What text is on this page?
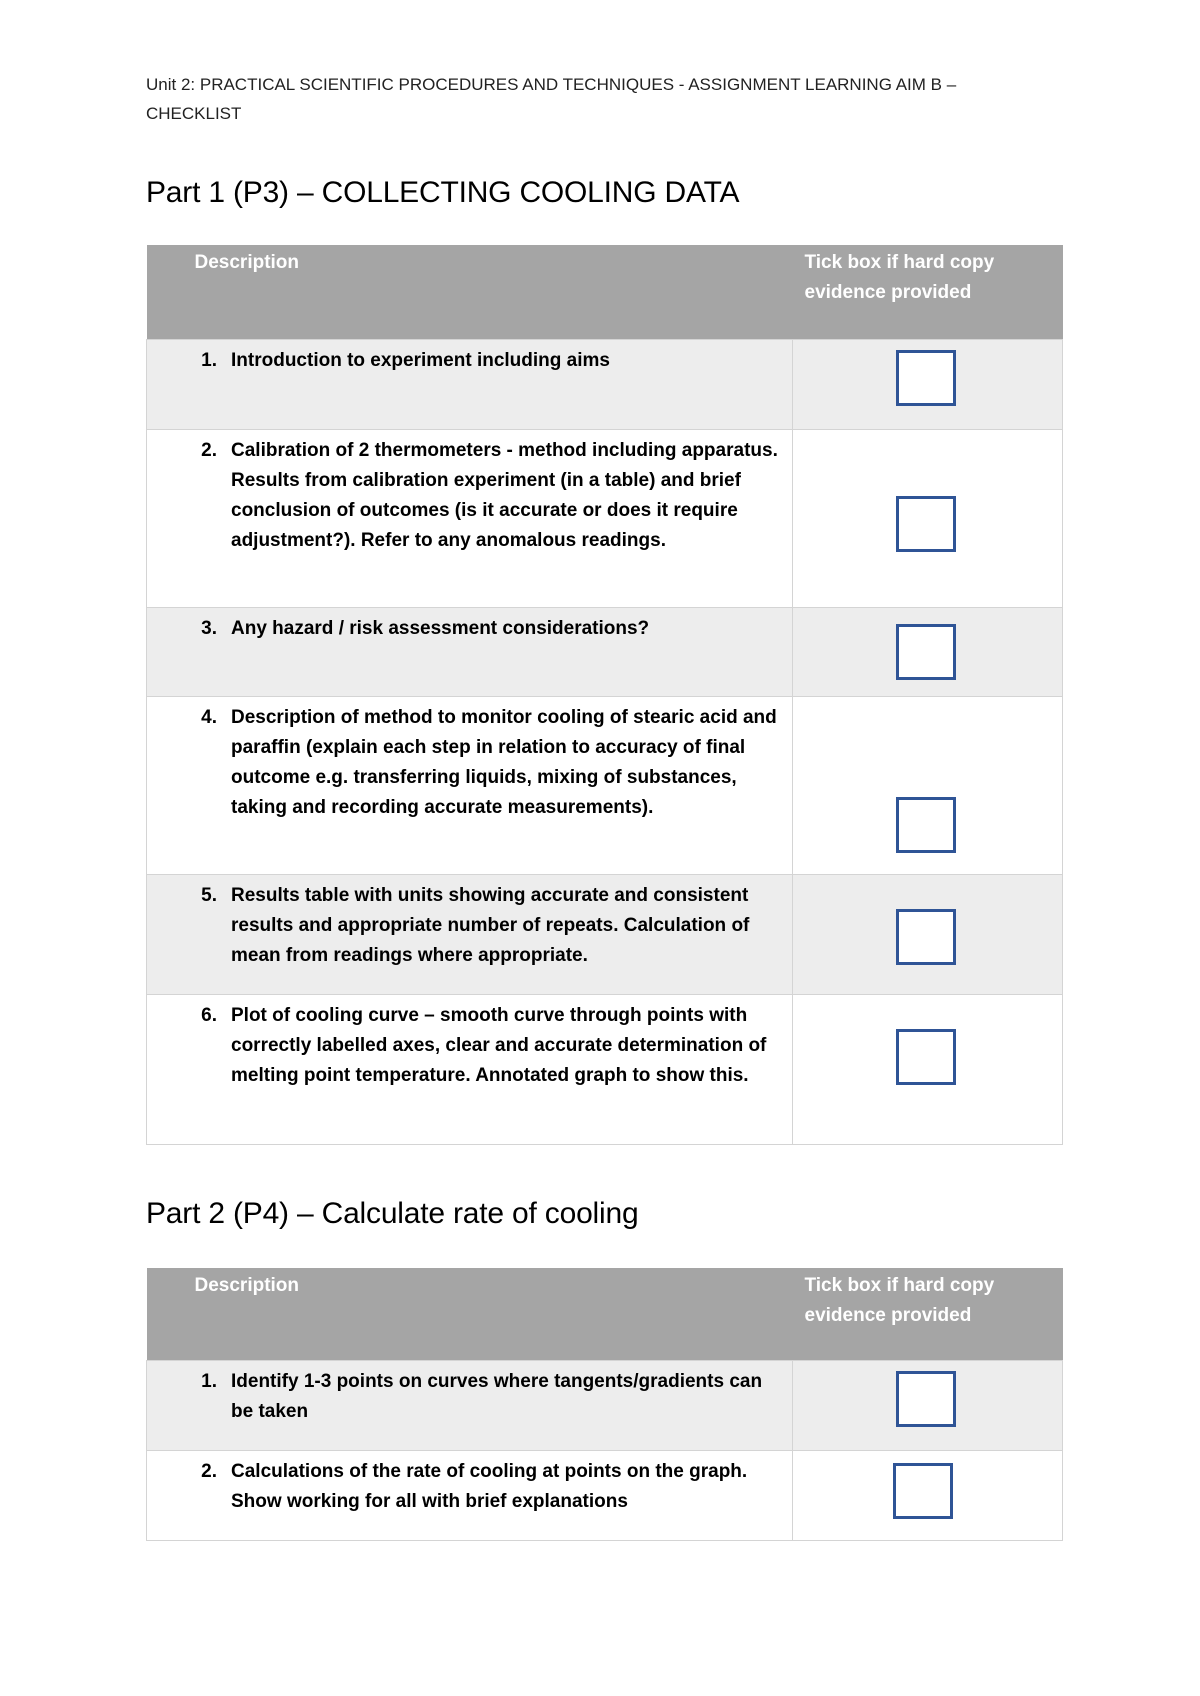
Unit 2: PRACTICAL SCIENTIFIC PROCEDURES AND TECHNIQUES - ASSIGNMENT LEARNING AIM B – CHECKLIST
Part 1 (P3) – COLLECTING COOLING DATA
Description	Tick box if hard copy evidence provided

1. Introduction to experiment including aims	

2. Calibration of 2 thermometers - method including apparatus. Results from calibration experiment (in a table) and brief conclusion of outcomes (is it accurate or does it require adjustment?). Refer to any anomalous readings.	

3. Any hazard / risk assessment considerations?	

4. Description of method to monitor cooling of stearic acid and paraffin (explain each step in relation to accuracy of final outcome e.g. transferring liquids, mixing of substances, taking and recording accurate measurements).	

5. Results table with units showing accurate and consistent results and appropriate number of repeats. Calculation of mean from readings where appropriate.	

6. Plot of cooling curve – smooth curve through points with correctly labelled axes, clear and accurate determination of melting point temperature. Annotated graph to show this.	

Part 2 (P4) – Calculate rate of cooling
Description	Tick box if hard copy evidence provided

1. Identify 1-3 points on curves where tangents/gradients can be taken	

2. Calculations of the rate of cooling at points on the graph. Show working for all with brief explanations	
